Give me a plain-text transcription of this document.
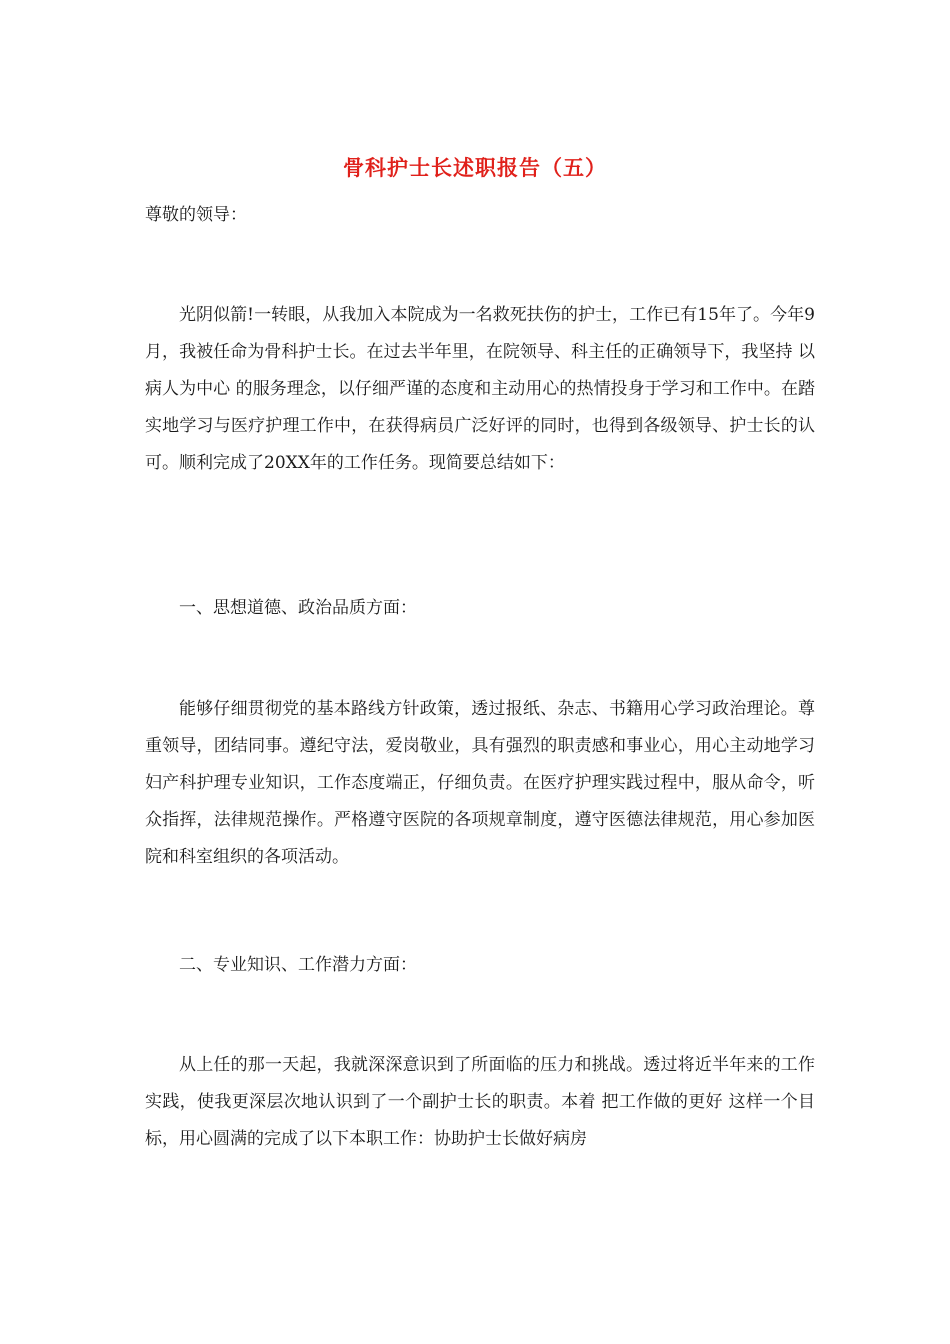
骨科护士长述职报告（五）
尊敬的领导：

光阴似箭!一转眼，从我加入本院成为一名救死扶伤的护士，工作已有15年了。今年9月，我被任命为骨科护士长。在过去半年里，在院领导、科主任的正确领导下，我坚持 以病人为中心 的服务理念，以仔细严谨的态度和主动用心的热情投身于学习和工作中。在踏实地学习与医疗护理工作中，在获得病员广泛好评的同时，也得到各级领导、护士长的认可。顺利完成了20XX年的工作任务。现简要总结如下：

一、思想道德、政治品质方面：

能够仔细贯彻党的基本路线方针政策，透过报纸、杂志、书籍用心学习政治理论。尊重领导，团结同事。遵纪守法，爱岗敬业，具有强烈的职责感和事业心，用心主动地学习妇产科护理专业知识，工作态度端正，仔细负责。在医疗护理实践过程中，服从命令，听众指挥，法律规范操作。严格遵守医院的各项规章制度，遵守医德法律规范，用心参加医院和科室组织的各项活动。

二、专业知识、工作潜力方面：

从上任的那一天起，我就深深意识到了所面临的压力和挑战。透过将近半年来的工作实践，使我更深层次地认识到了一个副护士长的职责。本着 把工作做的更好 这样一个目标，用心圆满的完成了以下本职工作：协助护士长做好病房
